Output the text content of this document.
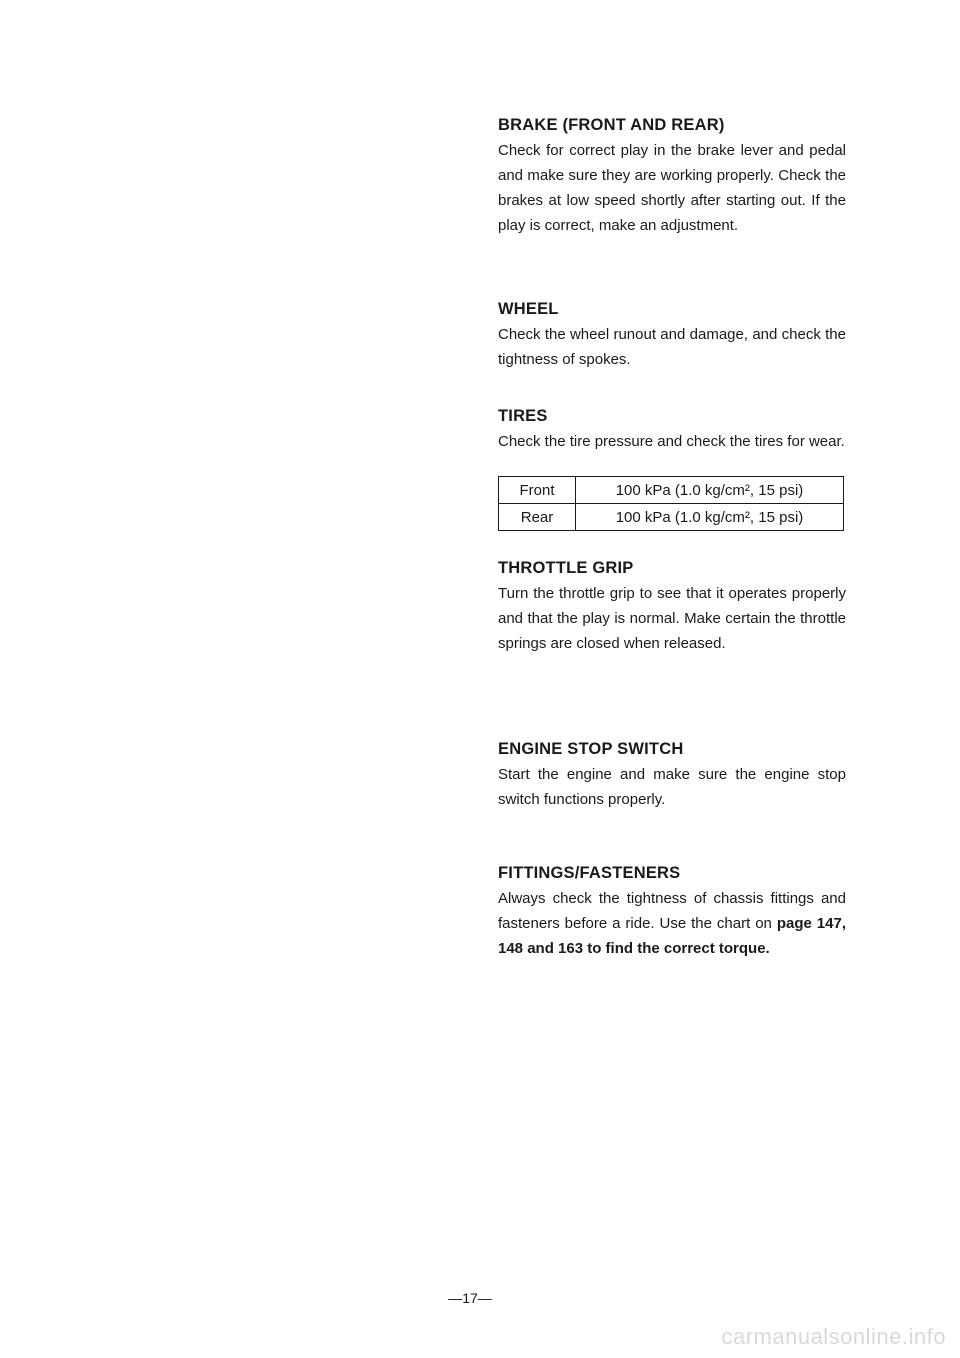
BRAKE (FRONT AND REAR)

Check for correct play in the brake lever and pedal and make sure they are working properly. Check the brakes at low speed shortly after starting out. If the play is correct, make an adjustment.

WHEEL

Check the wheel runout and damage, and check the tightness of spokes.

TIRES

Check the tire pressure and check the tires for wear.

Front	100 kPa (1.0 kg/cm², 15 psi)
Rear	100 kPa (1.0 kg/cm², 15 psi)
THROTTLE GRIP

Turn the throttle grip to see that it operates properly and that the play is normal. Make certain the throttle springs are closed when released.

ENGINE STOP SWITCH

Start the engine and make sure the engine stop switch functions properly.

FITTINGS/FASTENERS

Always check the tightness of chassis fittings and fasteners before a ride. Use the chart on page 147, 148 and 163 to find the correct torque.

—17—
carmanualsonline.info
